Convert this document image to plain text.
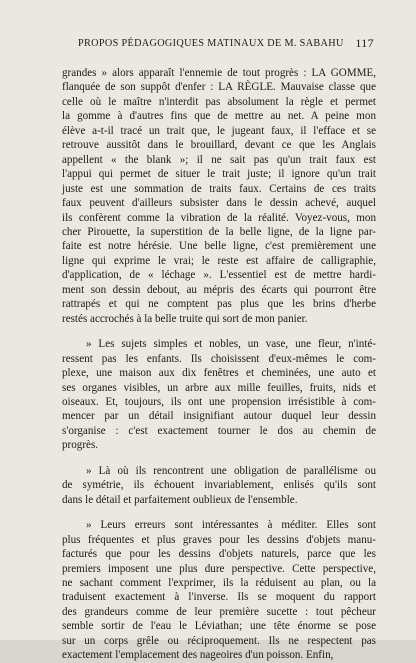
PROPOS PÉDAGOGIQUES MATINAUX DE M. SABAHU 117
grandes » alors apparaît l'ennemie de tout progrès : LA GOMME,
flanquée de son suppôt d'enfer : LA RÈGLE. Mauvaise classe que
celle où le maître n'interdit pas absolument la règle et permet
la gomme à d'autres fins que de mettre au net. A peine mon
élève a-t-il tracé un trait que, le jugeant faux, il l'efface et se
retrouve aussitôt dans le brouillard, devant ce que les Anglais
appellent « the blank »; il ne sait pas qu'un trait faux est
l'appui qui permet de situer le trait juste; il ignore qu'un trait
juste est une sommation de traits faux. Certains de ces traits
faux peuvent d'ailleurs subsister dans le dessin achevé, auquel
ils confèrent comme la vibration de la réalité. Voyez-vous, mon
cher Pirouette, la superstition de la belle ligne, de la ligne par-
faite est notre hérésie. Une belle ligne, c'est premièrement une
ligne qui exprime le vrai; le reste est affaire de calligraphie,
d'application, de « léchage ». L'essentiel est de mettre hardi-
ment son dessin debout, au mépris des écarts qui pourront être
rattrapés et qui ne comptent pas plus que les brins d'herbe
restés accrochés à la belle truite qui sort de mon panier.
» Les sujets simples et nobles, un vase, une fleur, n'inté-
ressent pas les enfants. Ils choisissent d'eux-mêmes le com-
plexe, une maison aux dix fenêtres et cheminées, une auto et
ses organes visibles, un arbre aux mille feuilles, fruits, nids et
oiseaux. Et, toujours, ils ont une propension irrésistible à com-
mencer par un détail insignifiant autour duquel leur dessin
s'organise : c'est exactement tourner le dos au chemin de
progrès.
» Là où ils rencontrent une obligation de parallélisme ou
de symétrie, ils échouent invariablement, enlisés qu'ils sont
dans le détail et parfaitement oublieux de l'ensemble.
» Leurs erreurs sont intéressantes à méditer. Elles sont
plus fréquentes et plus graves pour les dessins d'objets manu-
facturés que pour les dessins d'objets naturels, parce que les
premiers imposent une plus dure perspective. Cette perspective,
ne sachant comment l'exprimer, ils la réduisent au plan, ou la
traduisent exactement à l'inverse. Ils se moquent du rapport
des grandeurs comme de leur première sucette : tout pêcheur
semble sortir de l'eau le Léviathan; une tête énorme se pose
sur un corps grêle ou réciproquement. Ils ne respectent pas
exactement l'emplacement des nageoires d'un poisson. Enfin,
